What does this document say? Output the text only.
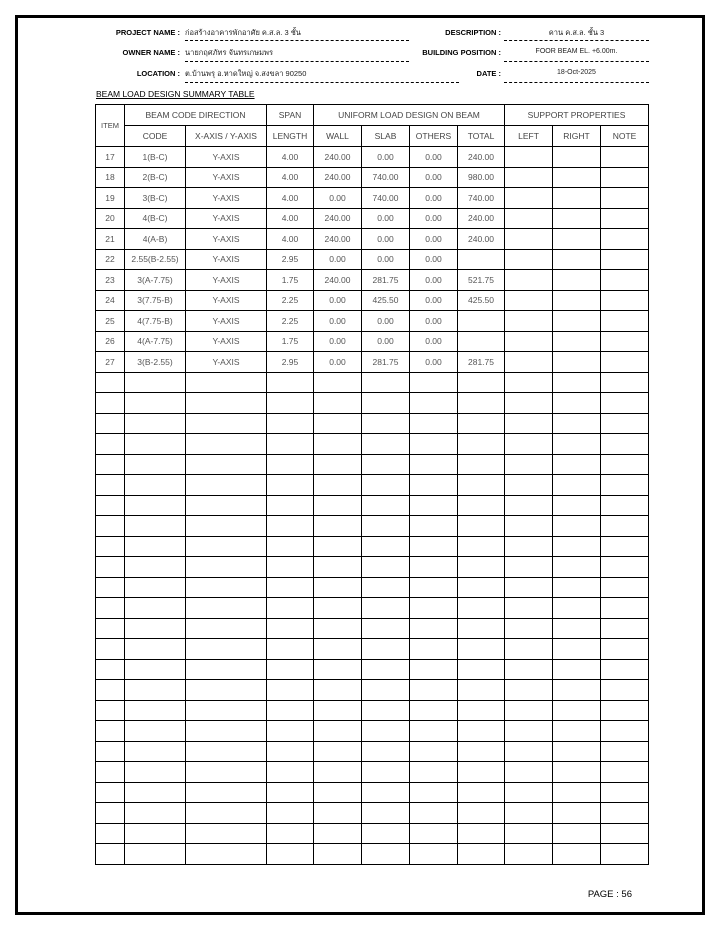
PROJECT NAME : ก่อสร้างอาคารพักอาศัย ค.ส.ล. 3 ชั้น
OWNER NAME : นายกฤศภัทร จันทรเกษมพร
LOCATION : ต.บ้านพรุ อ.หาดใหญ่ จ.สงขลา 90250
DESCRIPTION :	คาน ค.ส.ล. ชั้น 3
BUILDING POSITION :	FOOR BEAM EL. +6.00m.
DATE :	18-Oct-2025
BEAM LOAD DESIGN SUMMARY TABLE
ITEM	BEAM CODE DIRECTION		SPAN	UNIFORM LOAD DESIGN ON BEAM				SUPPORT PROPERTIES		
	CODE	X-AXIS / Y-AXIS	LENGTH	WALL	SLAB	OTHERS	TOTAL	LEFT	RIGHT	NOTE
17	1(B-C)	Y-AXIS	4.00	240.00	0.00	0.00	240.00			
18	2(B-C)	Y-AXIS	4.00	240.00	740.00	0.00	980.00			
19	3(B-C)	Y-AXIS	4.00	0.00	740.00	0.00	740.00			
20	4(B-C)	Y-AXIS	4.00	240.00	0.00	0.00	240.00			
21	4(A-B)	Y-AXIS	4.00	240.00	0.00	0.00	240.00			
22	2.55(B-2.55)	Y-AXIS	2.95	0.00	0.00	0.00				
23	3(A-7.75)	Y-AXIS	1.75	240.00	281.75	0.00	521.75			
24	3(7.75-B)	Y-AXIS	2.25	0.00	425.50	0.00	425.50			
25	4(7.75-B)	Y-AXIS	2.25	0.00	0.00	0.00				
26	4(A-7.75)	Y-AXIS	1.75	0.00	0.00	0.00				
27	3(B-2.55)	Y-AXIS	2.95	0.00	281.75	0.00	281.75			

PAGE : 56
